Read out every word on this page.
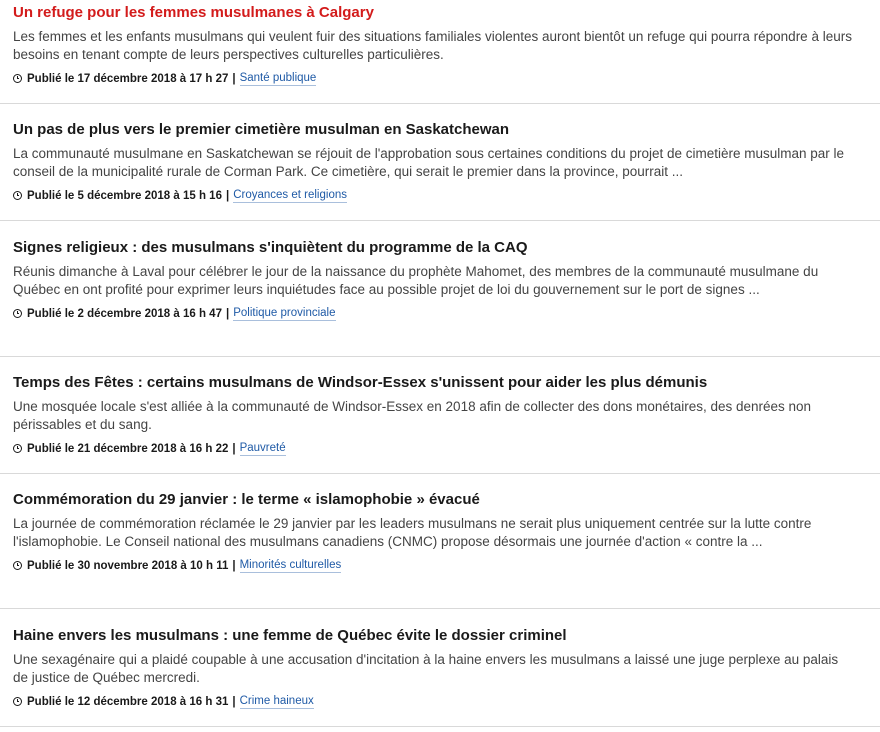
Un refuge pour les femmes musulmanes à Calgary

Les femmes et les enfants musulmans qui veulent fuir des situations familiales violentes auront bientôt un refuge qui pourra répondre à leurs besoins en tenant compte de leurs perspectives culturelles particulières.

Publié le 17 décembre 2018 à 17 h 27 | Santé publique
Un pas de plus vers le premier cimetière musulman en Saskatchewan

La communauté musulmane en Saskatchewan se réjouit de l'approbation sous certaines conditions du projet de cimetière musulman par le conseil de la municipalité rurale de Corman Park. Ce cimetière, qui serait le premier dans la province, pourrait ...

Publié le 5 décembre 2018 à 15 h 16 | Croyances et religions
Signes religieux : des musulmans s'inquiètent du programme de la CAQ

Réunis dimanche à Laval pour célébrer le jour de la naissance du prophète Mahomet, des membres de la communauté musulmane du Québec en ont profité pour exprimer leurs inquiétudes face au possible projet de loi du gouvernement sur le port de signes ...

Publié le 2 décembre 2018 à 16 h 47 | Politique provinciale
Temps des Fêtes : certains musulmans de Windsor-Essex s'unissent pour aider les plus démunis

Une mosquée locale s'est alliée à la communauté de Windsor-Essex en 2018 afin de collecter des dons monétaires, des denrées non périssables et du sang.

Publié le 21 décembre 2018 à 16 h 22 | Pauvreté
Commémoration du 29 janvier : le terme « islamophobie » évacué

La journée de commémoration réclamée le 29 janvier par les leaders musulmans ne serait plus uniquement centrée sur la lutte contre l'islamophobie. Le Conseil national des musulmans canadiens (CNMC) propose désormais une journée d'action « contre la ...

Publié le 30 novembre 2018 à 10 h 11 | Minorités culturelles
Haine envers les musulmans : une femme de Québec évite le dossier criminel

Une sexagénaire qui a plaidé coupable à une accusation d'incitation à la haine envers les musulmans a laissé une juge perplexe au palais de justice de Québec mercredi.

Publié le 12 décembre 2018 à 16 h 31 | Crime haineux
